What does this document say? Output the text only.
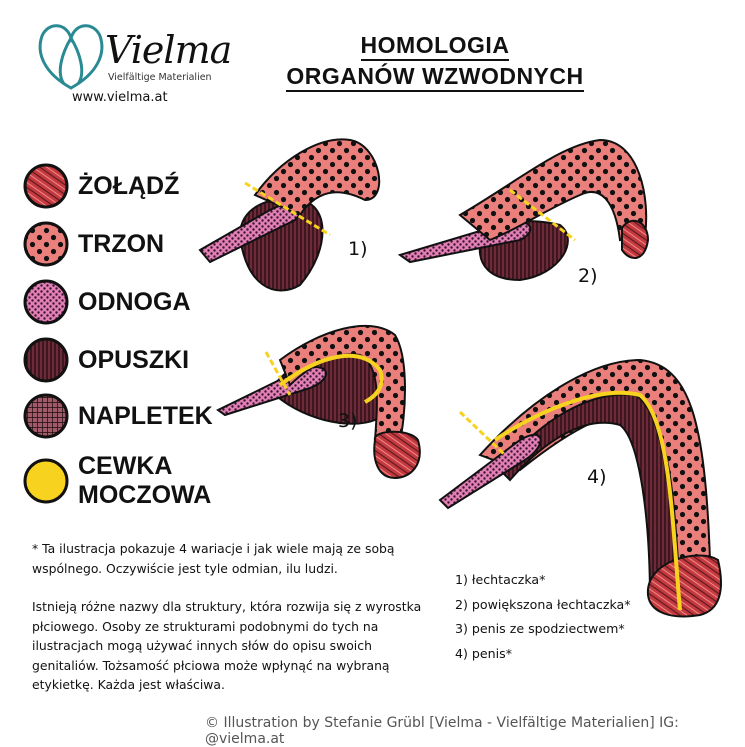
Vielma
Vielfältige Materialien
www.vielma.at
HOMOLOGIA
ORGANÓW WZWODNYCH
ŻOŁĄDŹ
TRZON
ODNOGA
OPUSZKI
NAPLETEK
CEWKA
MOCZOWA
1)
2)
3)
4)

* Ta ilustracja pokazuje 4 wariacje i jak wiele mają ze sobą wspólnego. Oczywiście jest tyle odmian, ilu ludzi.

Istnieją różne nazwy dla struktury, która rozwija się z wyrostka płciowego. Osoby ze strukturami podobnymi do tych na ilustracjach mogą używać innych słów do opisu swoich genitaliów. Tożsamość płciowa może wpłynąć na wybraną etykietkę. Każda jest właściwa.

1) łechtaczka*
2) powiększona łechtaczka*
3) penis ze spodziectwem*
4) penis*
© Illustration by Stefanie Grübl [Vielma - Vielfältige Materialien] IG: @vielma.at
